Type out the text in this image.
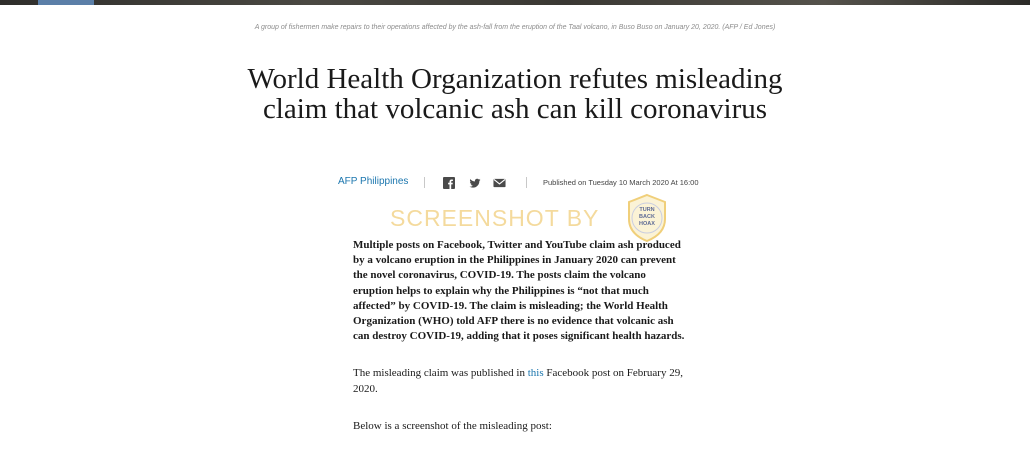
A group of fishermen make repairs to their operations affected by the ash-fall from the eruption of the Taal volcano, in Buso Buso on January 20, 2020. (AFP / Ed Jones)
World Health Organization refutes misleading
claim that volcanic ash can kill coronavirus
AFP Philippines	Published on Tuesday 10 March 2020 At 16:00
SCREENSHOT BY	TURN
BACK
HOAX

Multiple posts on Facebook, Twitter and YouTube claim ash produced by a volcano eruption in the Philippines in January 2020 can prevent the novel coronavirus, COVID-19. The posts claim the volcano eruption helps to explain why the Philippines is “not that much affected” by COVID-19. The claim is misleading; the World Health Organization (WHO) told AFP there is no evidence that volcanic ash can destroy COVID-19, adding that it poses significant health hazards.

The misleading claim was published in this Facebook post on February 29, 2020.

Below is a screenshot of the misleading post:
